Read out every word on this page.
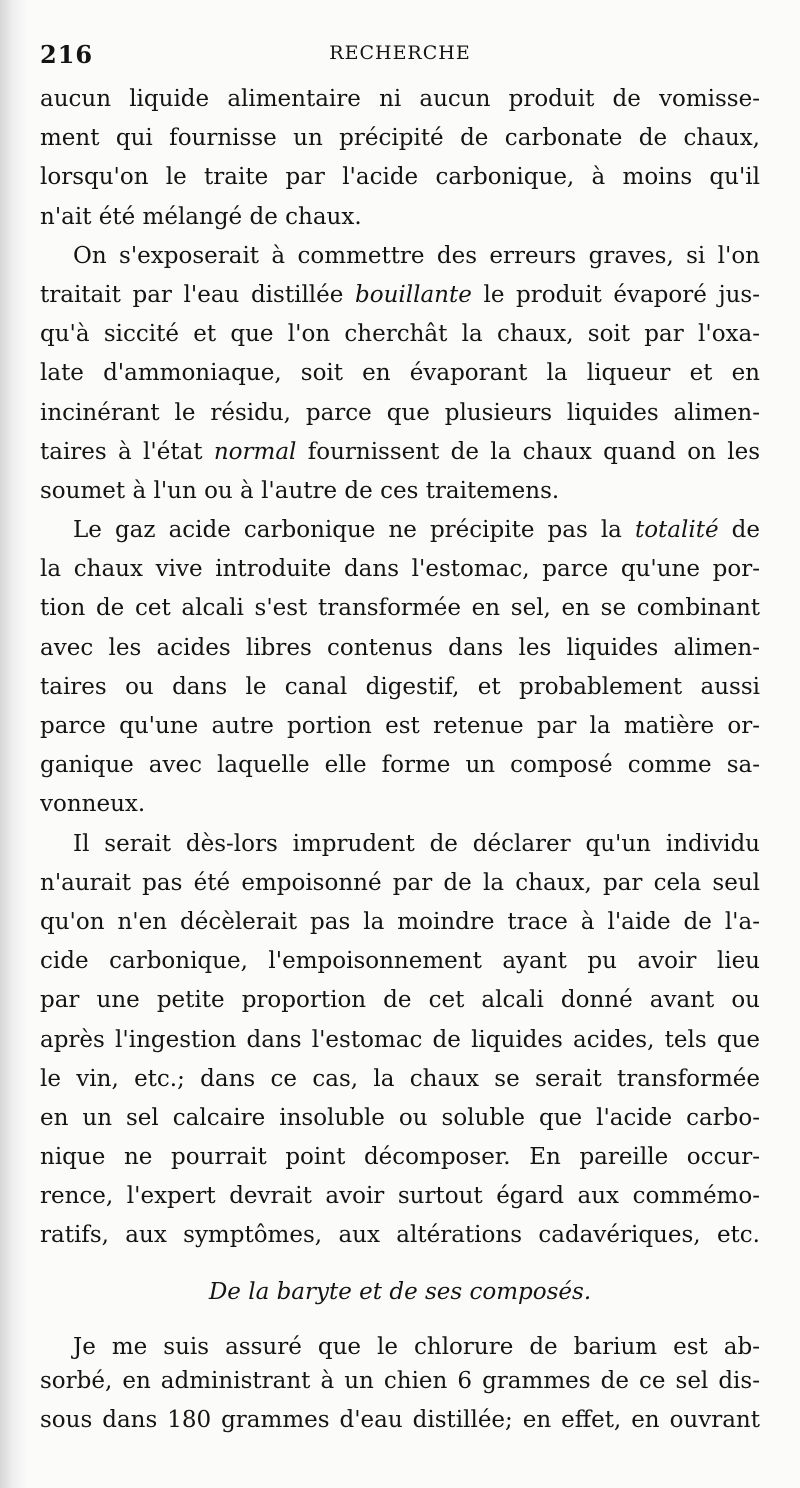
216	RECHERCHE
aucun liquide alimentaire ni aucun produit de vomisse-
ment qui fournisse un précipité de carbonate de chaux,
lorsqu'on le traite par l'acide carbonique, à moins qu'il
n'ait été mélangé de chaux.
On s'exposerait à commettre des erreurs graves, si l'on
traitait par l'eau distillée bouillante le produit évaporé jus-
qu'à siccité et que l'on cherchât la chaux, soit par l'oxa-
late d'ammoniaque, soit en évaporant la liqueur et en
incinérant le résidu, parce que plusieurs liquides alimen-
taires à l'état normal fournissent de la chaux quand on les
soumet à l'un ou à l'autre de ces traitemens.
Le gaz acide carbonique ne précipite pas la totalité de
la chaux vive introduite dans l'estomac, parce qu'une por-
tion de cet alcali s'est transformée en sel, en se combinant
avec les acides libres contenus dans les liquides alimen-
taires ou dans le canal digestif, et probablement aussi
parce qu'une autre portion est retenue par la matière or-
ganique avec laquelle elle forme un composé comme sa-
vonneux.
Il serait dès-lors imprudent de déclarer qu'un individu
n'aurait pas été empoisonné par de la chaux, par cela seul
qu'on n'en décèlerait pas la moindre trace à l'aide de l'a-
cide carbonique, l'empoisonnement ayant pu avoir lieu
par une petite proportion de cet alcali donné avant ou
après l'ingestion dans l'estomac de liquides acides, tels que
le vin, etc.; dans ce cas, la chaux se serait transformée
en un sel calcaire insoluble ou soluble que l'acide carbo-
nique ne pourrait point décomposer. En pareille occur-
rence, l'expert devrait avoir surtout égard aux commémo-
ratifs, aux symptômes, aux altérations cadavériques, etc.
De la baryte et de ses composés.
Je me suis assuré que le chlorure de barium est ab-
sorbé, en administrant à un chien 6 grammes de ce sel dis-
sous dans 180 grammes d'eau distillée; en effet, en ouvrant
